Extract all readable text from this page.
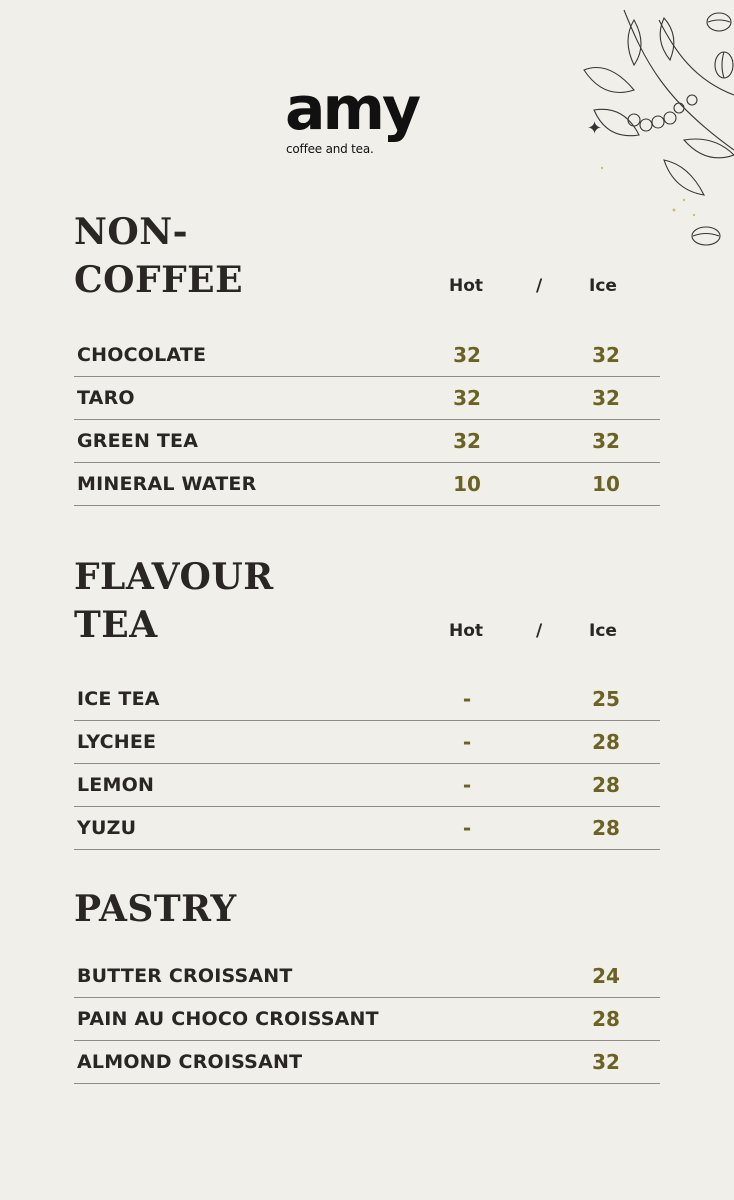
✦
amy
coffee and tea.
NON-
COFFEE	Hot	/	Ice
CHOCOLATE	32	32
TARO	32	32
GREEN TEA	32	32
MINERAL WATER	10	10
FLAVOUR
TEA	Hot	/	Ice
ICE TEA	-	25
LYCHEE	-	28
LEMON	-	28
YUZU	-	28
PASTRY
BUTTER CROISSANT	24
PAIN AU CHOCO CROISSANT	28
ALMOND CROISSANT	32
